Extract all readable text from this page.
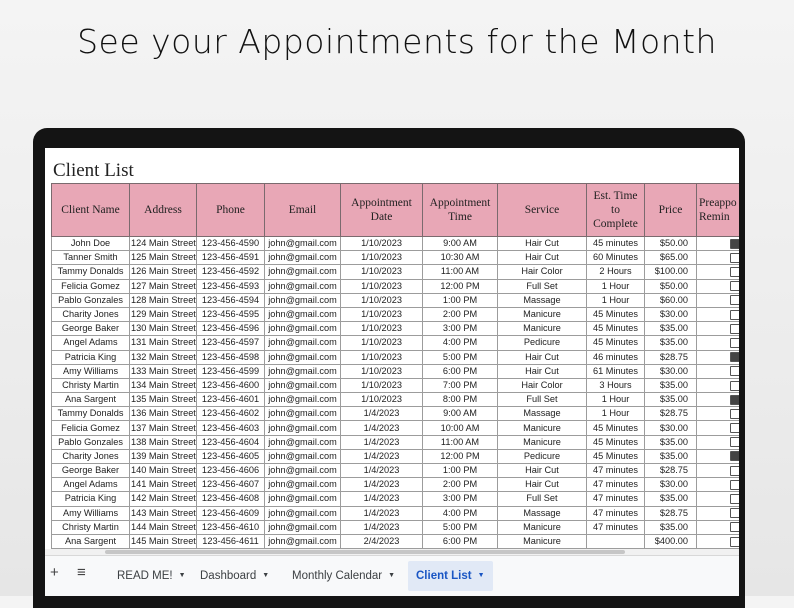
See your Appointments for the Month
Client List
Client Name	Address	Phone	Email	Appointment Date	Appointment Time	Service	Est. Time to Complete	Price	Preappo Remin
John Doe	124 Main Street	123-456-4590	john@gmail.com	1/10/2023	9:00 AM	Hair Cut	45 minutes	$50.00	
Tanner Smith	125 Main Street	123-456-4591	john@gmail.com	1/10/2023	10:30 AM	Hair Cut	60 Minutes	$65.00	
Tammy Donalds	126 Main Street	123-456-4592	john@gmail.com	1/10/2023	11:00 AM	Hair Color	2 Hours	$100.00	
Felicia Gomez	127 Main Street	123-456-4593	john@gmail.com	1/10/2023	12:00 PM	Full Set	1 Hour	$50.00	
Pablo Gonzales	128 Main Street	123-456-4594	john@gmail.com	1/10/2023	1:00 PM	Massage	1 Hour	$60.00	
Charity Jones	129 Main Street	123-456-4595	john@gmail.com	1/10/2023	2:00 PM	Manicure	45 Minutes	$30.00	
George Baker	130 Main Street	123-456-4596	john@gmail.com	1/10/2023	3:00 PM	Manicure	45 Minutes	$35.00	
Angel Adams	131 Main Street	123-456-4597	john@gmail.com	1/10/2023	4:00 PM	Pedicure	45 Minutes	$35.00	
Patricia King	132 Main Street	123-456-4598	john@gmail.com	1/10/2023	5:00 PM	Hair Cut	46 minutes	$28.75	
Amy Williams	133 Main Street	123-456-4599	john@gmail.com	1/10/2023	6:00 PM	Hair Cut	61 Minutes	$30.00	
Christy Martin	134 Main Street	123-456-4600	john@gmail.com	1/10/2023	7:00 PM	Hair Color	3 Hours	$35.00	
Ana Sargent	135 Main Street	123-456-4601	john@gmail.com	1/10/2023	8:00 PM	Full Set	1 Hour	$35.00	
Tammy Donalds	136 Main Street	123-456-4602	john@gmail.com	1/4/2023	9:00 AM	Massage	1 Hour	$28.75	
Felicia Gomez	137 Main Street	123-456-4603	john@gmail.com	1/4/2023	10:00 AM	Manicure	45 Minutes	$30.00	
Pablo Gonzales	138 Main Street	123-456-4604	john@gmail.com	1/4/2023	11:00 AM	Manicure	45 Minutes	$35.00	
Charity Jones	139 Main Street	123-456-4605	john@gmail.com	1/4/2023	12:00 PM	Pedicure	45 Minutes	$35.00	
George Baker	140 Main Street	123-456-4606	john@gmail.com	1/4/2023	1:00 PM	Hair Cut	47 minutes	$28.75	
Angel Adams	141 Main Street	123-456-4607	john@gmail.com	1/4/2023	2:00 PM	Hair Cut	47 minutes	$30.00	
Patricia King	142 Main Street	123-456-4608	john@gmail.com	1/4/2023	3:00 PM	Full Set	47 minutes	$35.00	
Amy Williams	143 Main Street	123-456-4609	john@gmail.com	1/4/2023	4:00 PM	Massage	47 minutes	$28.75	
Christy Martin	144 Main Street	123-456-4610	john@gmail.com	1/4/2023	5:00 PM	Manicure	47 minutes	$35.00	
Ana Sargent	145 Main Street	123-456-4611	john@gmail.com	2/4/2023	6:00 PM	Manicure		$400.00	
+ ≡	READ ME! ▼	Dashboard ▼	Monthly Calendar ▼	Client List ▼
